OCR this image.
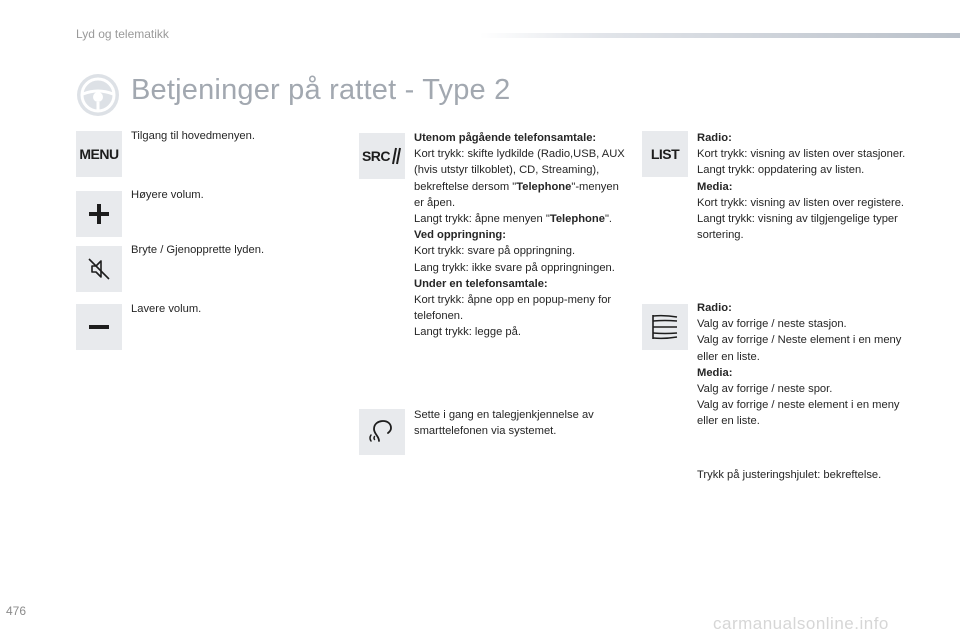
Lyd og telematikk
Betjeninger på rattet - Type 2
MENU
Tilgang til hovedmenyen.
Høyere volum.
Bryte / Gjenopprette lyden.
Lavere volum.
SRC
Utenom pågående telefonsamtale:
Kort trykk: skifte lydkilde (Radio,USB, AUX (hvis utstyr tilkoblet), CD, Streaming), bekreftelse dersom "Telephone"-menyen er åpen.
Langt trykk: åpne menyen "Telephone".
Ved oppringning:
Kort trykk: svare på oppringning.
Lang trykk: ikke svare på oppringningen.
Under en telefonsamtale:
Kort trykk: åpne opp en popup-meny for telefonen.
Langt trykk: legge på.
Sette i gang en talegjenkjennelse av smarttelefonen via systemet.
LIST
Radio:
Kort trykk: visning av listen over stasjoner.
Langt trykk: oppdatering av listen.
Media:
Kort trykk: visning av listen over registere.
Langt trykk: visning av tilgjengelige typer sortering.
Radio:
Valg av forrige / neste stasjon.
Valg av forrige / Neste element i en meny eller en liste.
Media:
Valg av forrige / neste spor.
Valg av forrige / neste element i en meny eller en liste.
Trykk på justeringshjulet: bekreftelse.
476
carmanualsonline.info
